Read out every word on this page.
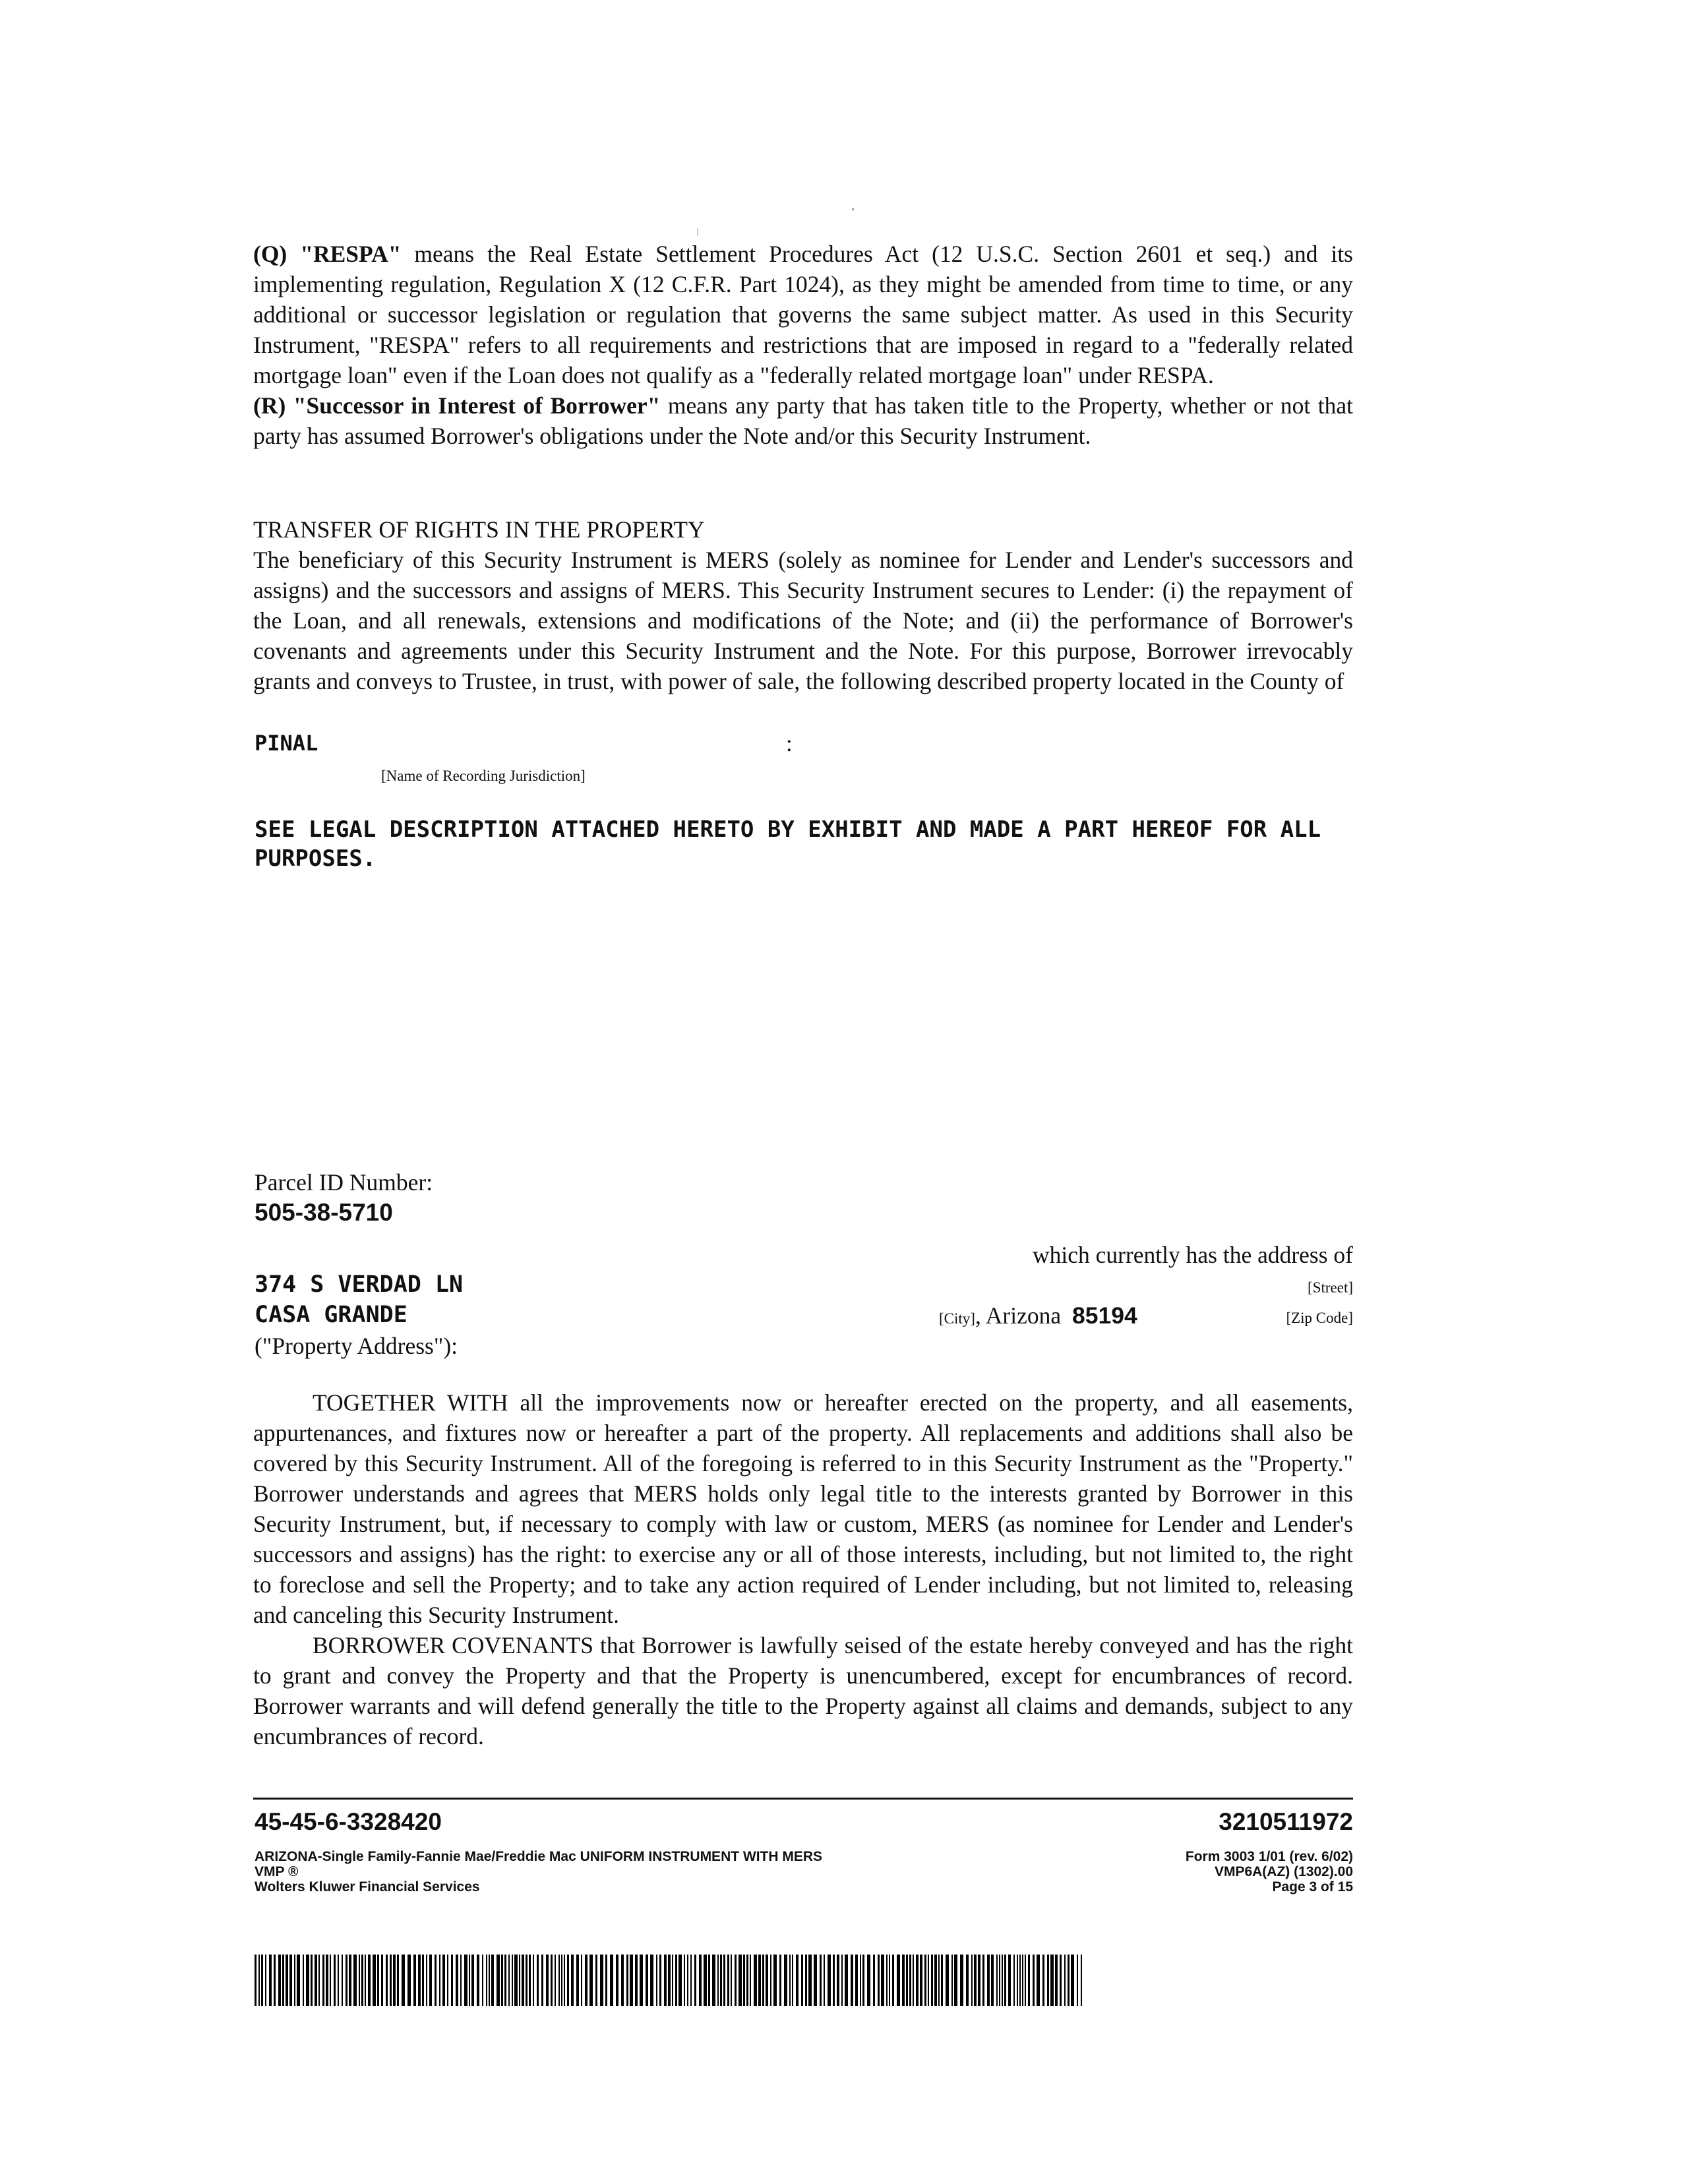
(Q) "RESPA" means the Real Estate Settlement Procedures Act (12 U.S.C. Section 2601 et seq.) and its implementing regulation, Regulation X (12 C.F.R. Part 1024), as they might be amended from time to time, or any additional or successor legislation or regulation that governs the same subject matter. As used in this Security Instrument, "RESPA" refers to all requirements and restrictions that are imposed in regard to a "federally related mortgage loan" even if the Loan does not qualify as a "federally related mortgage loan" under RESPA.

(R) "Successor in Interest of Borrower" means any party that has taken title to the Property, whether or not that party has assumed Borrower's obligations under the Note and/or this Security Instrument.

TRANSFER OF RIGHTS IN THE PROPERTY

The beneficiary of this Security Instrument is MERS (solely as nominee for Lender and Lender's successors and assigns) and the successors and assigns of MERS. This Security Instrument secures to Lender: (i) the repayment of the Loan, and all renewals, extensions and modifications of the Note; and (ii) the performance of Borrower's covenants and agreements under this Security Instrument and the Note. For this purpose, Borrower irrevocably grants and conveys to Trustee, in trust, with power of sale, the following described property located in the County of

PINAL	:
[Name of Recording Jurisdiction]
SEE LEGAL DESCRIPTION ATTACHED HERETO BY EXHIBIT AND MADE A PART HEREOF FOR ALL PURPOSES.
Parcel ID Number:
505-38-5710
which currently has the address of
374 S VERDAD LN	[Street]
CASA GRANDE	[City], Arizona 85194	[Zip Code]
("Property Address"):

TOGETHER WITH all the improvements now or hereafter erected on the property, and all easements, appurtenances, and fixtures now or hereafter a part of the property. All replacements and additions shall also be covered by this Security Instrument. All of the foregoing is referred to in this Security Instrument as the "Property." Borrower understands and agrees that MERS holds only legal title to the interests granted by Borrower in this Security Instrument, but, if necessary to comply with law or custom, MERS (as nominee for Lender and Lender's successors and assigns) has the right: to exercise any or all of those interests, including, but not limited to, the right to foreclose and sell the Property; and to take any action required of Lender including, but not limited to, releasing and canceling this Security Instrument.

BORROWER COVENANTS that Borrower is lawfully seised of the estate hereby conveyed and has the right to grant and convey the Property and that the Property is unencumbered, except for encumbrances of record. Borrower warrants and will defend generally the title to the Property against all claims and demands, subject to any encumbrances of record.

45-45-6-3328420	3210511972
ARIZONA-Single Family-Fannie Mae/Freddie Mac UNIFORM INSTRUMENT WITH MERS
VMP ®
Wolters Kluwer Financial Services
Form 3003 1/01 (rev. 6/02)
VMP6A(AZ) (1302).00
Page 3 of 15
